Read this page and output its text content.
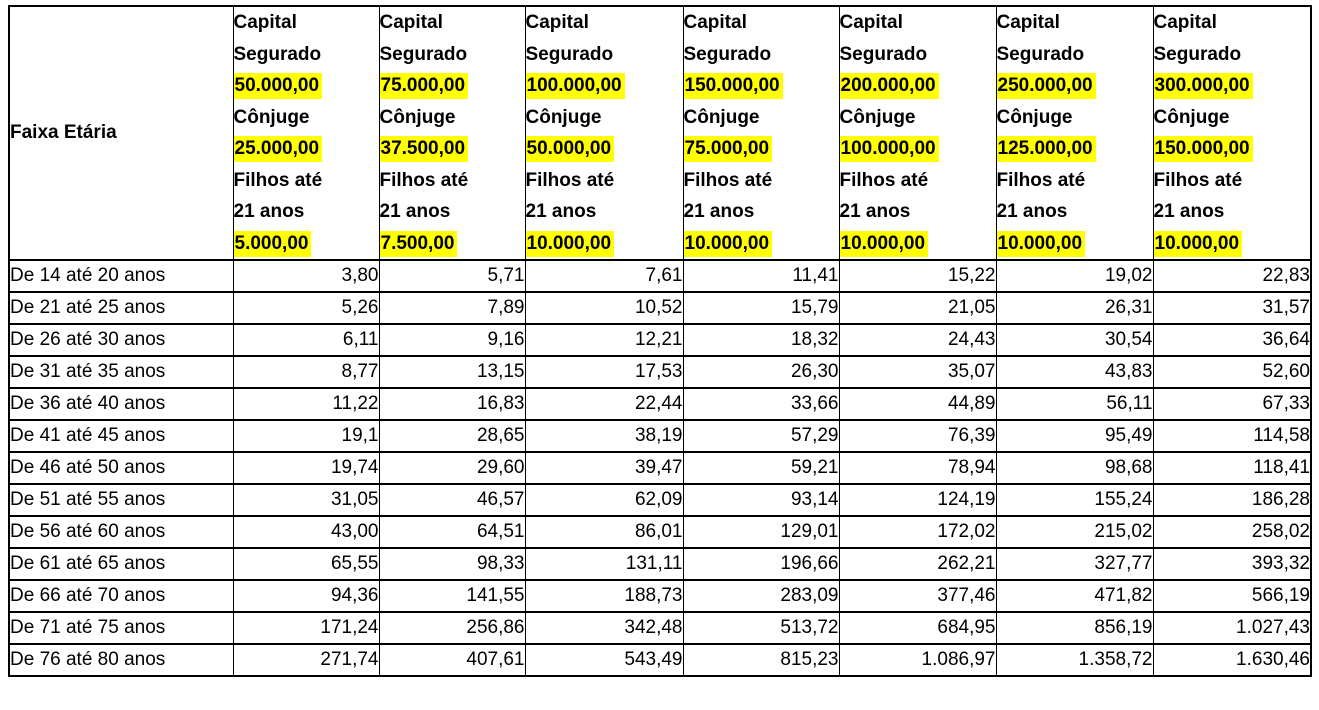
Faixa Etária	
Capital
Segurado
50.000,00
Cônjuge
25.000,00
Filhos até
21 anos
5.000,00

Capital
Segurado
75.000,00
Cônjuge
37.500,00
Filhos até
21 anos
7.500,00

Capital
Segurado
100.000,00
Cônjuge
50.000,00
Filhos até
21 anos
10.000,00

Capital
Segurado
150.000,00
Cônjuge
75.000,00
Filhos até
21 anos
10.000,00

Capital
Segurado
200.000,00
Cônjuge
100.000,00
Filhos até
21 anos
10.000,00

Capital
Segurado
250.000,00
Cônjuge
125.000,00
Filhos até
21 anos
10.000,00

Capital
Segurado
300.000,00
Cônjuge
150.000,00
Filhos até
21 anos
10.000,00

De 14 até 20 anos	3,80	5,71	7,61	11,41	15,22	19,02	22,83
De 21 até 25 anos	5,26	7,89	10,52	15,79	21,05	26,31	31,57
De 26 até 30 anos	6,11	9,16	12,21	18,32	24,43	30,54	36,64
De 31 até 35 anos	8,77	13,15	17,53	26,30	35,07	43,83	52,60
De 36 até 40 anos	11,22	16,83	22,44	33,66	44,89	56,11	67,33
De 41 até 45 anos	19,1	28,65	38,19	57,29	76,39	95,49	114,58
De 46 até 50 anos	19,74	29,60	39,47	59,21	78,94	98,68	118,41
De 51 até 55 anos	31,05	46,57	62,09	93,14	124,19	155,24	186,28
De 56 até 60 anos	43,00	64,51	86,01	129,01	172,02	215,02	258,02
De 61 até 65 anos	65,55	98,33	131,11	196,66	262,21	327,77	393,32
De 66 até 70 anos	94,36	141,55	188,73	283,09	377,46	471,82	566,19
De 71 até 75 anos	171,24	256,86	342,48	513,72	684,95	856,19	1.027,43
De 76 até 80 anos	271,74	407,61	543,49	815,23	1.086,97	1.358,72	1.630,46
